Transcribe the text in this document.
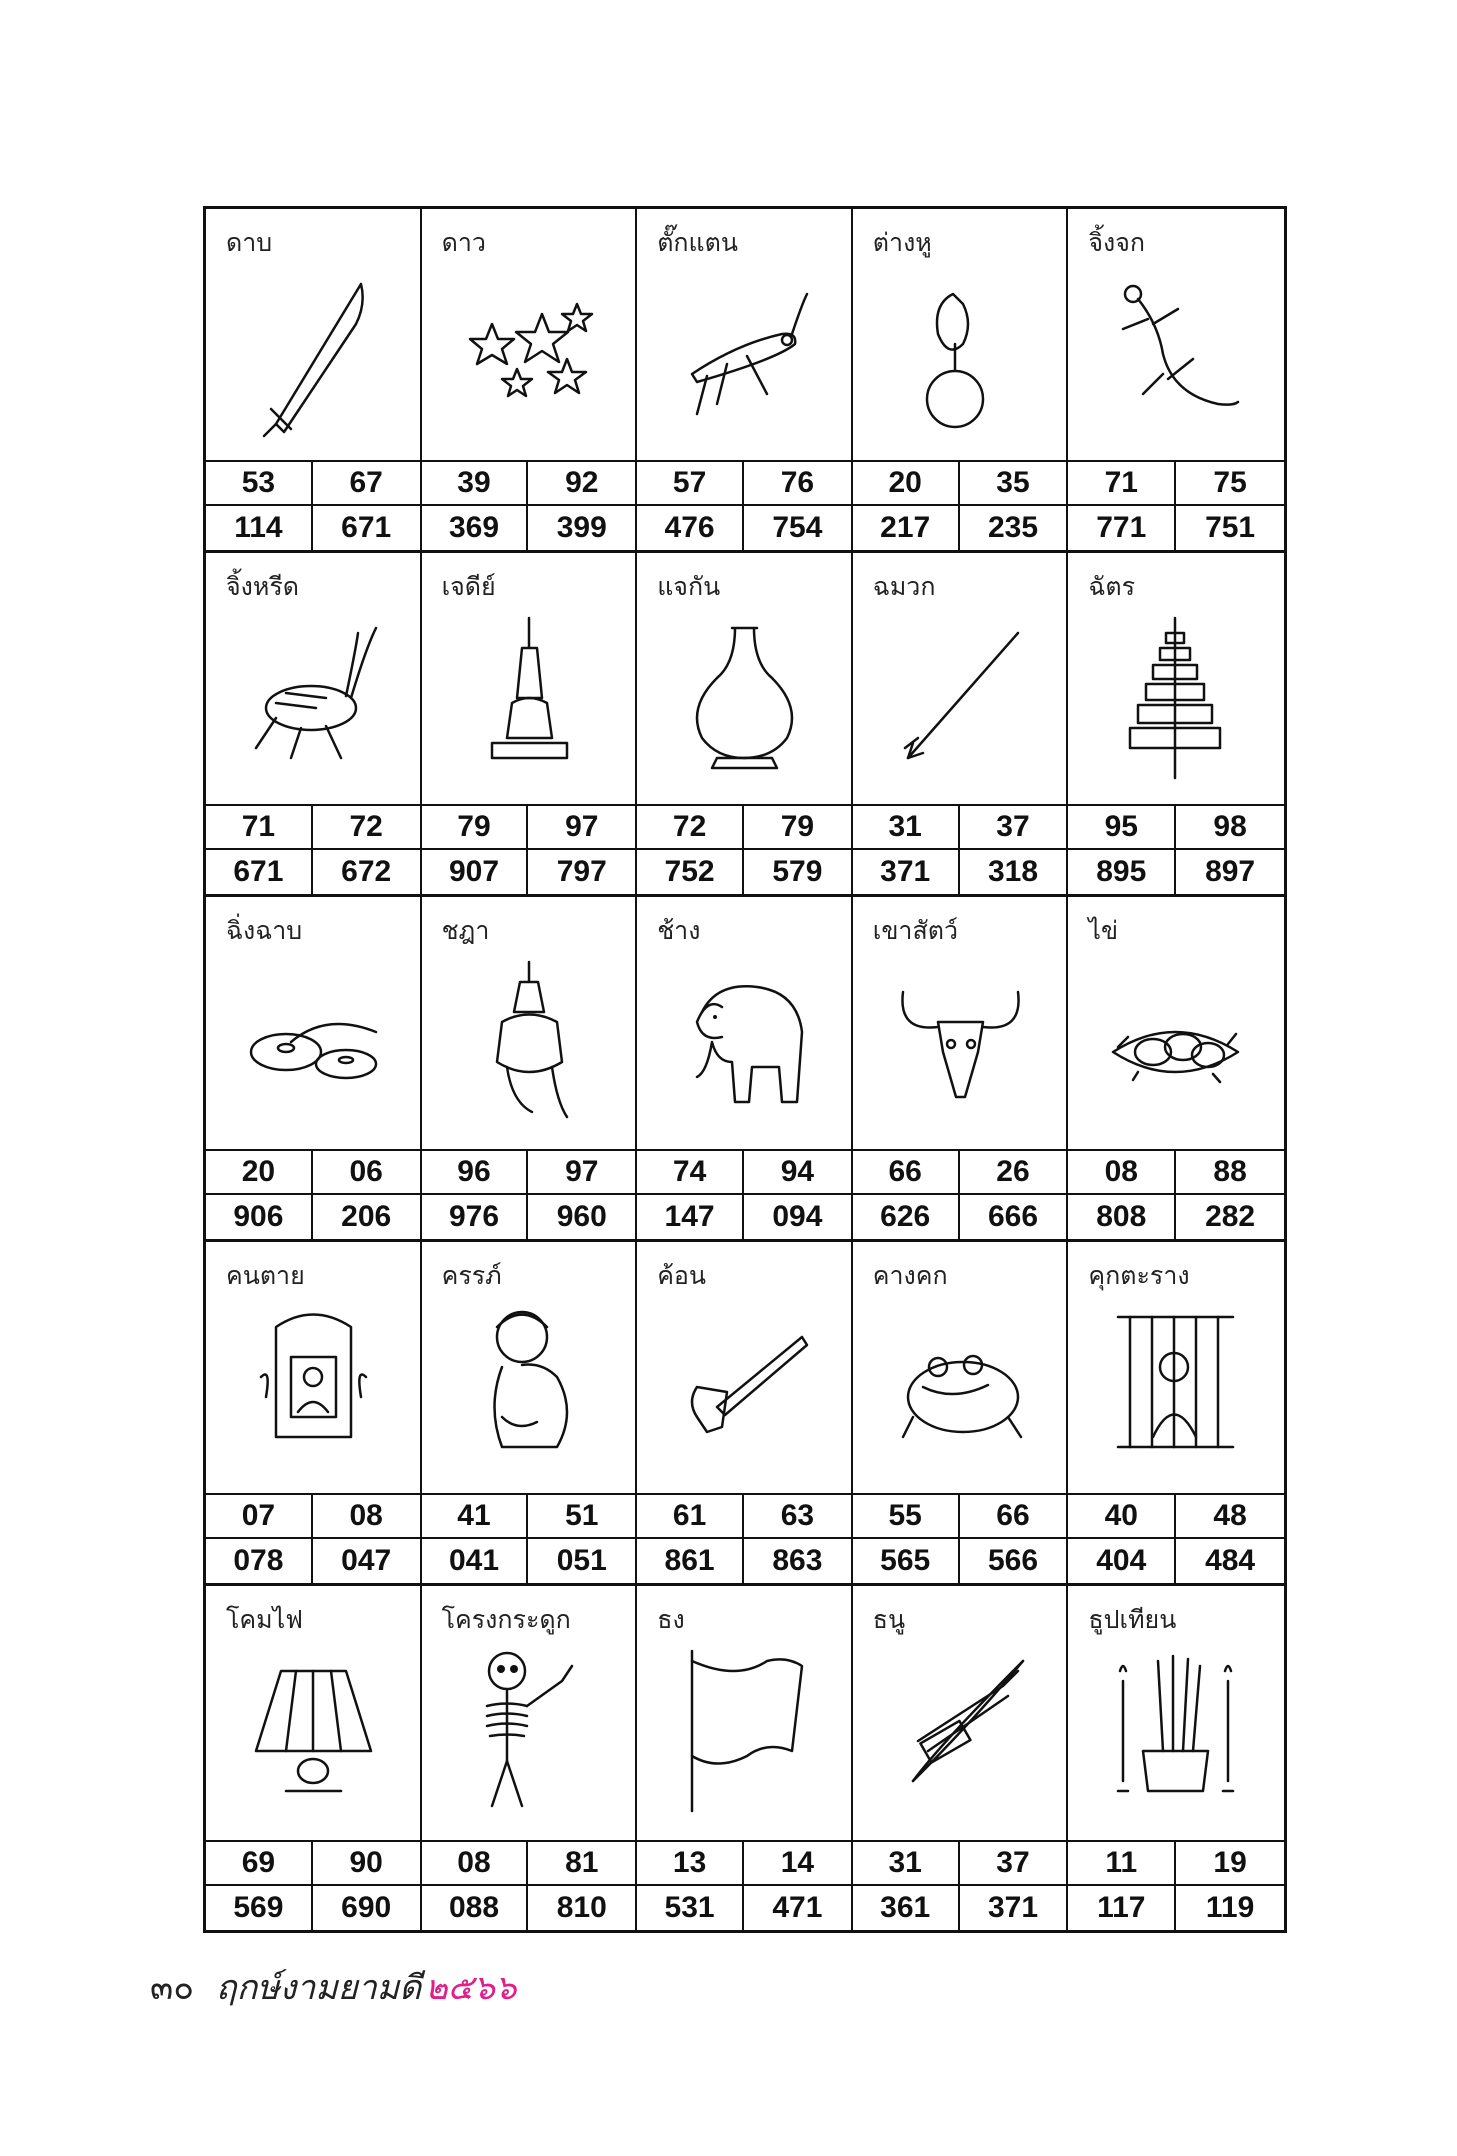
ดาบ
53	67
114	671
ดาว
39	92
369	399
ตั๊กแตน
57	76
476	754
ต่างหู
20	35
217	235
จิ้งจก
71	75
771	751
จิ้งหรีด
71	72
671	672
เจดีย์
79	97
907	797
แจกัน
72	79
752	579
ฉมวก
31	37
371	318
ฉัตร
95	98
895	897
ฉิ่งฉาบ
20	06
906	206
ชฎา
96	97
976	960
ช้าง
74	94
147	094
เขาสัตว์
66	26
626	666
ไข่
08	88
808	282
คนตาย
07	08
078	047
ครรภ์
41	51
041	051
ค้อน
61	63
861	863
คางคก
55	66
565	566
คุกตะราง
40	48
404	484
โคมไฟ
69	90
569	690
โครงกระดูก
08	81
088	810
ธง
13	14
531	471
ธนู
31	37
361	371
ธูปเทียน
11	19
117	119
๓๐ ฤกษ์งามยามดี ๒๕๖๖
